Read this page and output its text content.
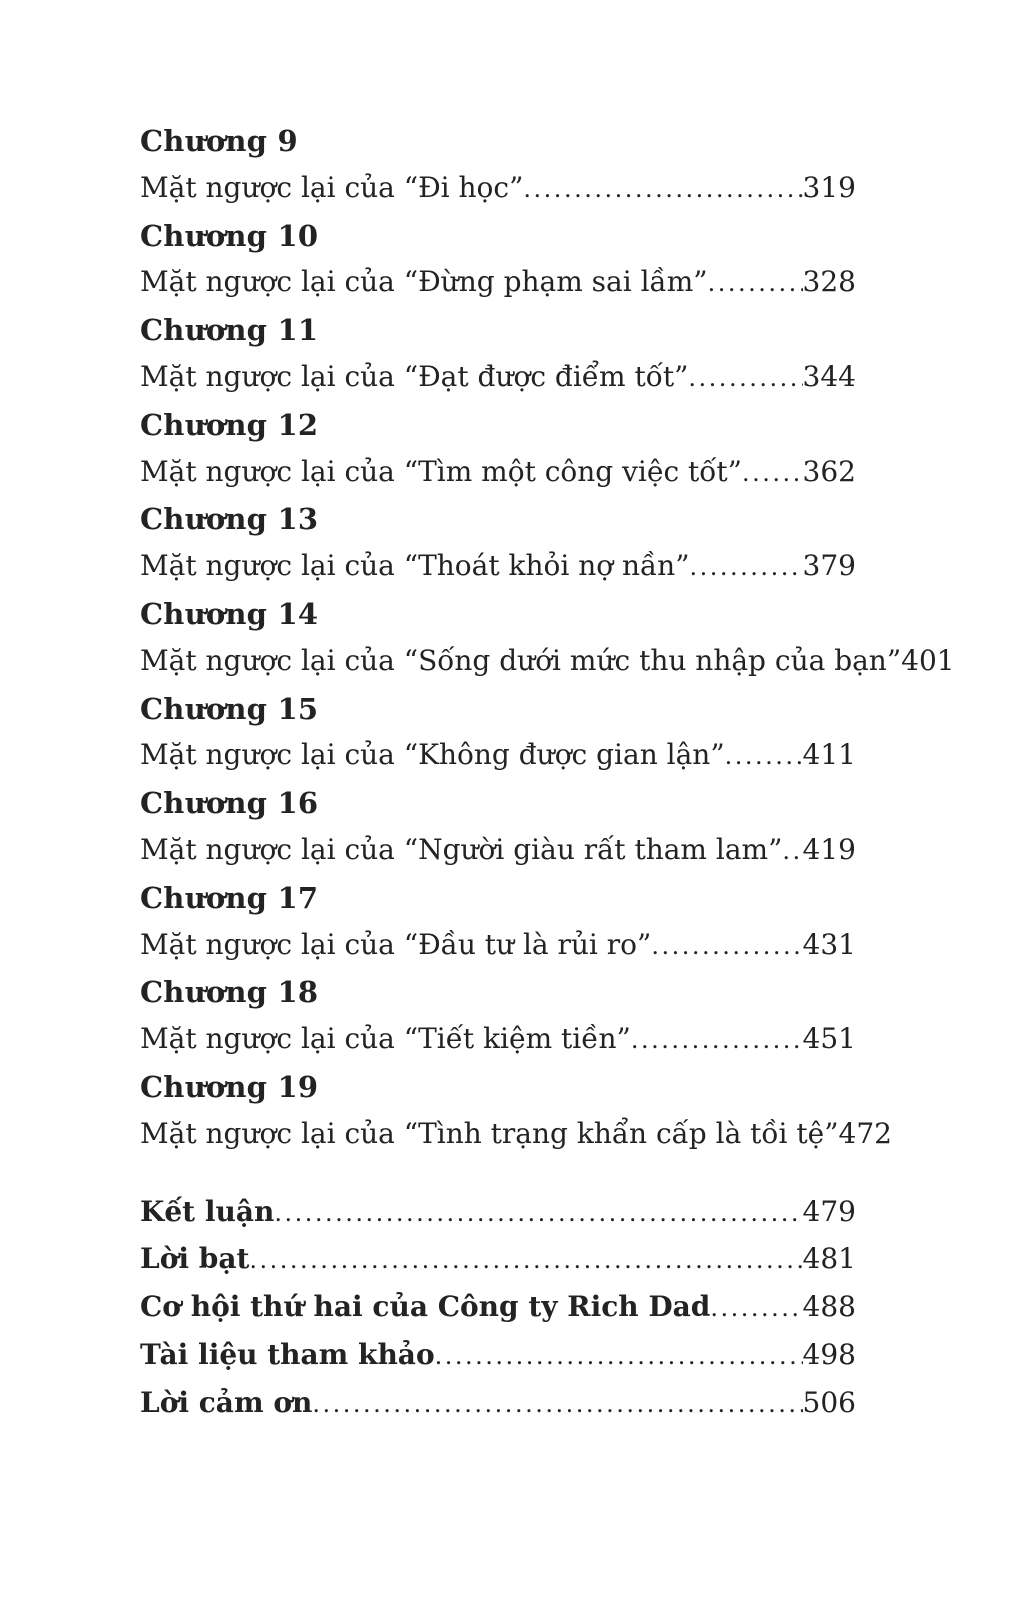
Chương 9
Mặt ngược lại của “Đi học” .....	319
Chương 10
Mặt ngược lại của “Đừng phạm sai lầm” .....	328
Chương 11
Mặt ngược lại của “Đạt được điểm tốt” .....	344
Chương 12
Mặt ngược lại của “Tìm một công việc tốt” ..... 362
Chương 13
Mặt ngược lại của “Thoát khỏi nợ nần” .....	379
Chương 14
Mặt ngược lại của “Sống dưới mức thu nhập của bạn” 401
Chương 15
Mặt ngược lại của “Không được gian lận” .....	411
Chương 16
Mặt ngược lại của “Người giàu rất tham lam” ..... 419
Chương 17
Mặt ngược lại của “Đầu tư là rủi ro” .....	431
Chương 18
Mặt ngược lại của “Tiết kiệm tiền” .....	451
Chương 19
Mặt ngược lại của “Tình trạng khẩn cấp là tồi tệ” 472
Kết luận .....	479
Lời bạt .....	481
Cơ hội thứ hai của Công ty Rich Dad .....	488
Tài liệu tham khảo .....	498
Lời cảm ơn .....	506
